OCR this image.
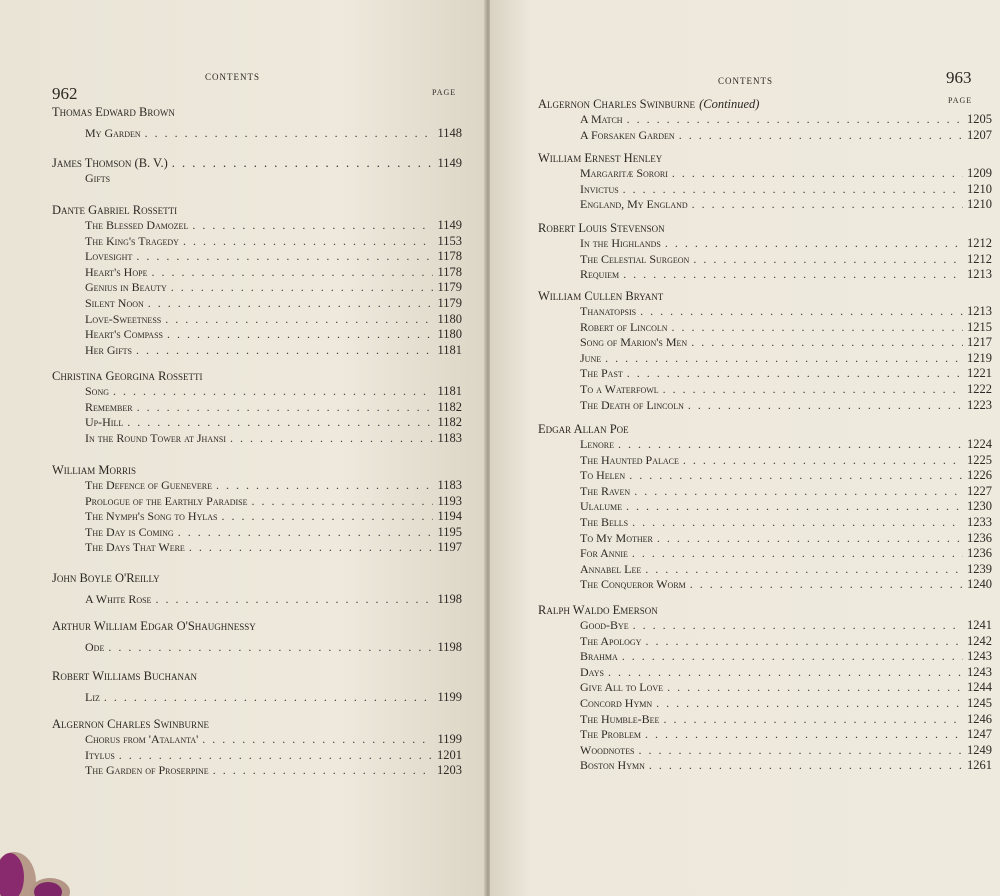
962
contents
PAGE
Thomas Edward Brown
My Garden . . .	1148
James Thomson (B. V.) . . .	1149
Gifts
Dante Gabriel Rossetti
The Blessed Damozel . . .	1149
The King's Tragedy . . .	1153
Lovesight . . .	1178
Heart's Hope . . .	1178
Genius in Beauty . . .	1179
Silent Noon . . .	1179
Love-Sweetness . . .	1180
Heart's Compass . . .	1180
Her Gifts . . .	1181
Christina Georgina Rossetti
Song . . .	1181
Remember . . .	1182
Up-Hill . . .	1182
In the Round Tower at Jhansi . . .	1183
William Morris
The Defence of Guenevere . . .	1183
Prologue of the Earthly Paradise . . .	1193
The Nymph's Song to Hylas . . .	1194
The Day is Coming . . .	1195
The Days That Were . . .	1197
John Boyle O'Reilly
A White Rose . . .	1198
Arthur William Edgar O'Shaughnessy
Ode . . .	1198
Robert Williams Buchanan
Liz . . .	1199
Algernon Charles Swinburne
Chorus from 'Atalanta' . . .	1199
Itylus . . .	1201
The Garden of Proserpine . . .	1203
contents	963
PAGE
Algernon Charles Swinburne (Continued)
A Match . . .	1205
A Forsaken Garden . . .	1207
William Ernest Henley
Margaritæ Sorori . . .	1209
Invictus . . .	1210
England, My England . . .	1210
Robert Louis Stevenson
In the Highlands . . .	1212
The Celestial Surgeon . . .	1212
Requiem . . .	1213
William Cullen Bryant
Thanatopsis . . .	1213
Robert of Lincoln . . .	1215
Song of Marion's Men . . .	1217
June . . .	1219
The Past . . .	1221
To a Waterfowl . . .	1222
The Death of Lincoln . . .	1223
Edgar Allan Poe
Lenore . . .	1224
The Haunted Palace . . .	1225
To Helen . . .	1226
The Raven . . .	1227
Ulalume . . .	1230
The Bells . . .	1233
To My Mother . . .	1236
For Annie . . .	1236
Annabel Lee . . .	1239
The Conqueror Worm . . .	1240
Ralph Waldo Emerson
Good-Bye . . .	1241
The Apology . . .	1242
Brahma . . .	1243
Days . . .	1243
Give All to Love . . .	1244
Concord Hymn . . .	1245
The Humble-Bee . . .	1246
The Problem . . .	1247
Woodnotes . . .	1249
Boston Hymn . . .	1261
